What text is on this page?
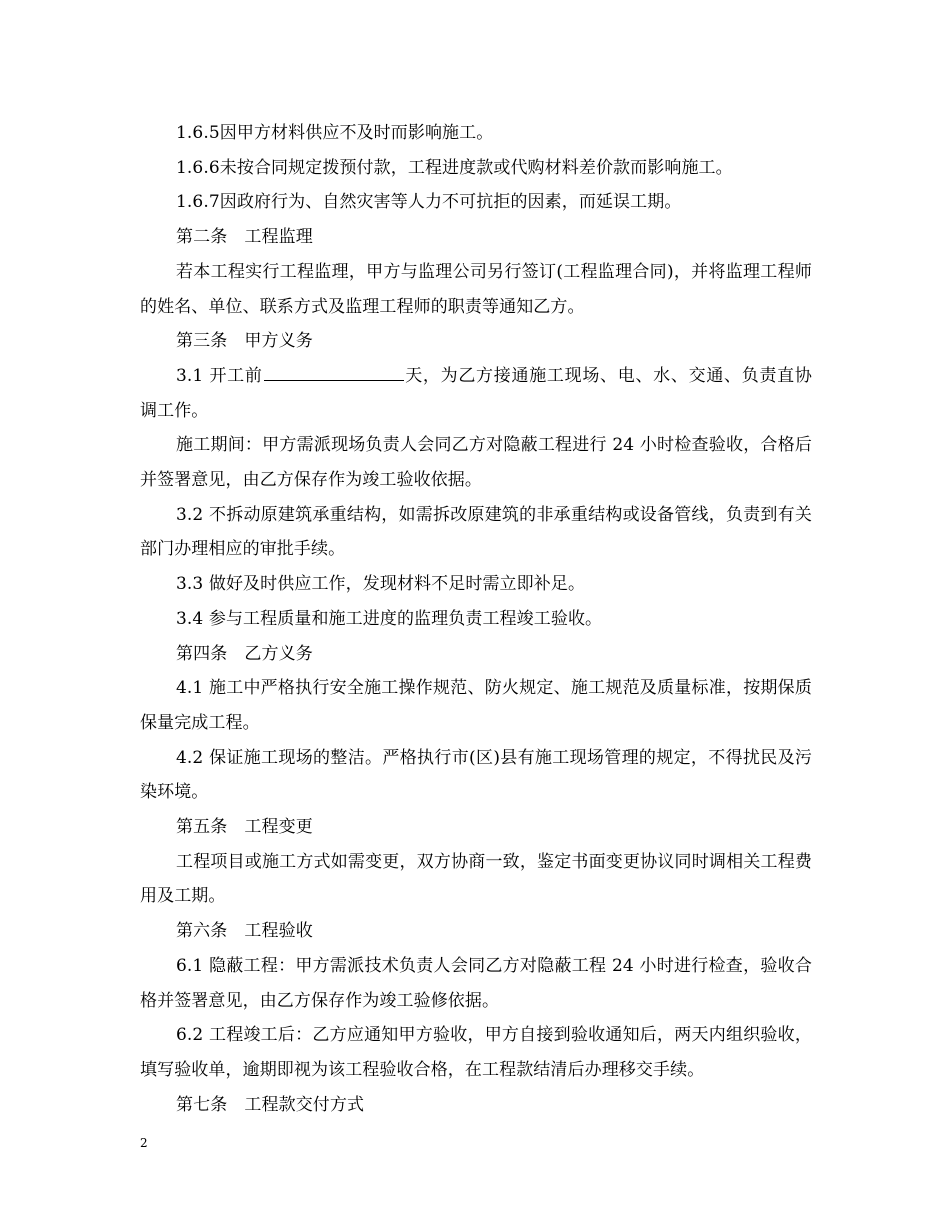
1.6.5因甲方材料供应不及时而影响施工。

1.6.6未按合同规定拨预付款，工程进度款或代购材料差价款而影响施工。

1.6.7因政府行为、自然灾害等人力不可抗拒的因素，而延误工期。

第二条　工程监理

若本工程实行工程监理，甲方与监理公司另行签订(工程监理合同)，并将监理工程师的姓名、单位、联系方式及监理工程师的职责等通知乙方。

第三条　甲方义务

3.1 开工前	天，为乙方接通施工现场、电、水、交通、负责直协调工作。

施工期间：甲方需派现场负责人会同乙方对隐蔽工程进行 24 小时检查验收，合格后并签署意见，由乙方保存作为竣工验收依据。

3.2 不拆动原建筑承重结构，如需拆改原建筑的非承重结构或设备管线，负责到有关部门办理相应的审批手续。

3.3 做好及时供应工作，发现材料不足时需立即补足。

3.4 参与工程质量和施工进度的监理负责工程竣工验收。

第四条　乙方义务

4.1 施工中严格执行安全施工操作规范、防火规定、施工规范及质量标准，按期保质保量完成工程。

4.2 保证施工现场的整洁。严格执行市(区)县有施工现场管理的规定，不得扰民及污染环境。

第五条　工程变更

工程项目或施工方式如需变更，双方协商一致，鉴定书面变更协议同时调相关工程费用及工期。

第六条　工程验收

6.1 隐蔽工程：甲方需派技术负责人会同乙方对隐蔽工程 24 小时进行检查，验收合格并签署意见，由乙方保存作为竣工验修依据。

6.2 工程竣工后：乙方应通知甲方验收，甲方自接到验收通知后，两天内组织验收，填写验收单，逾期即视为该工程验收合格，在工程款结清后办理移交手续。

第七条　工程款交付方式

2
